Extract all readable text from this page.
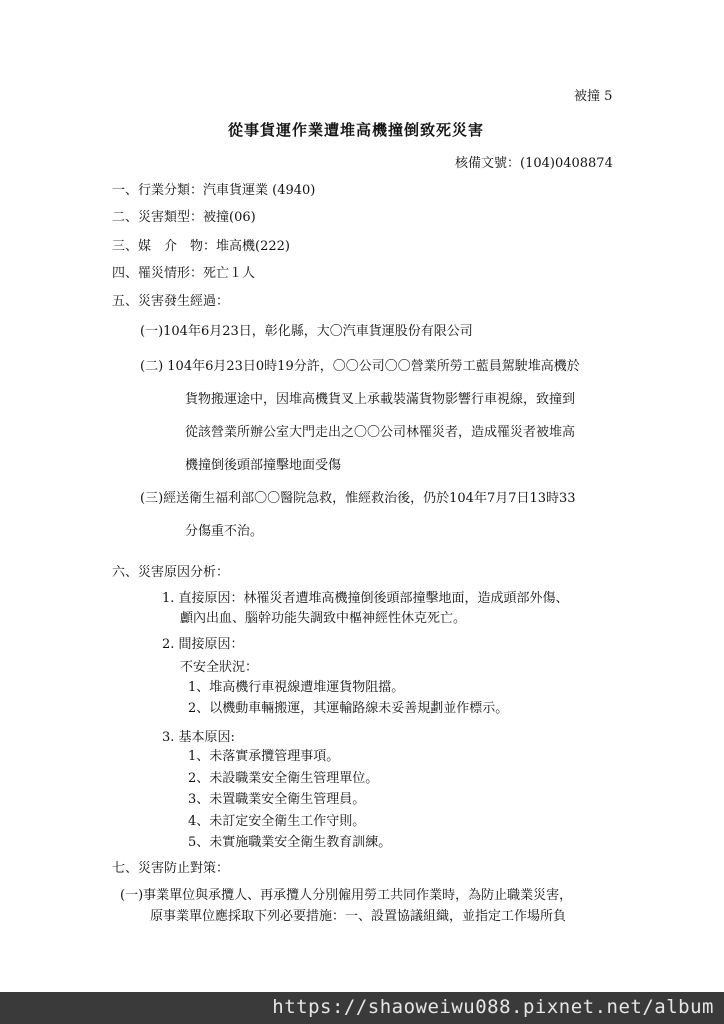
被撞 5
從事貨運作業遭堆高機撞倒致死災害
核備文號：(104)0408874
一、行業分類：汽車貨運業 (4940)
二、災害類型：被撞(06)
三、媒　介　物：堆高機(222)
四、罹災情形：死亡１人
五、災害發生經過：
(一)104年6月23日，彰化縣，大〇汽車貨運股份有限公司
(二) 104年6月23日0時19分許，〇〇公司〇〇營業所勞工藍員駕駛堆高機於
貨物搬運途中，因堆高機貨叉上承載裝滿貨物影響行車視線，致撞到
從該營業所辦公室大門走出之〇〇公司林罹災者，造成罹災者被堆高
機撞倒後頭部撞擊地面受傷
(三)經送衛生福利部〇〇醫院急救，惟經救治後，仍於104年7月7日13時33
分傷重不治。
六、災害原因分析：
1. 直接原因：林罹災者遭堆高機撞倒後頭部撞擊地面，造成頭部外傷、
顱內出血、腦幹功能失調致中樞神經性休克死亡。
2. 間接原因：
不安全狀況：
1、堆高機行車視線遭堆運貨物阻擋。
2、以機動車輛搬運，其運輸路線未妥善規劃並作標示。
3. 基本原因:
1、未落實承攬管理事項。
2、未設職業安全衛生管理單位。
3、未置職業安全衛生管理員。
4、未訂定安全衛生工作守則。
5、未實施職業安全衛生教育訓練。
七、災害防止對策：
(一)事業單位與承攬人、再承攬人分別僱用勞工共同作業時，為防止職業災害，
原事業單位應採取下列必要措施：一、設置協議組織，並指定工作場所負
https://shaoweiwu088.pixnet.net/album
